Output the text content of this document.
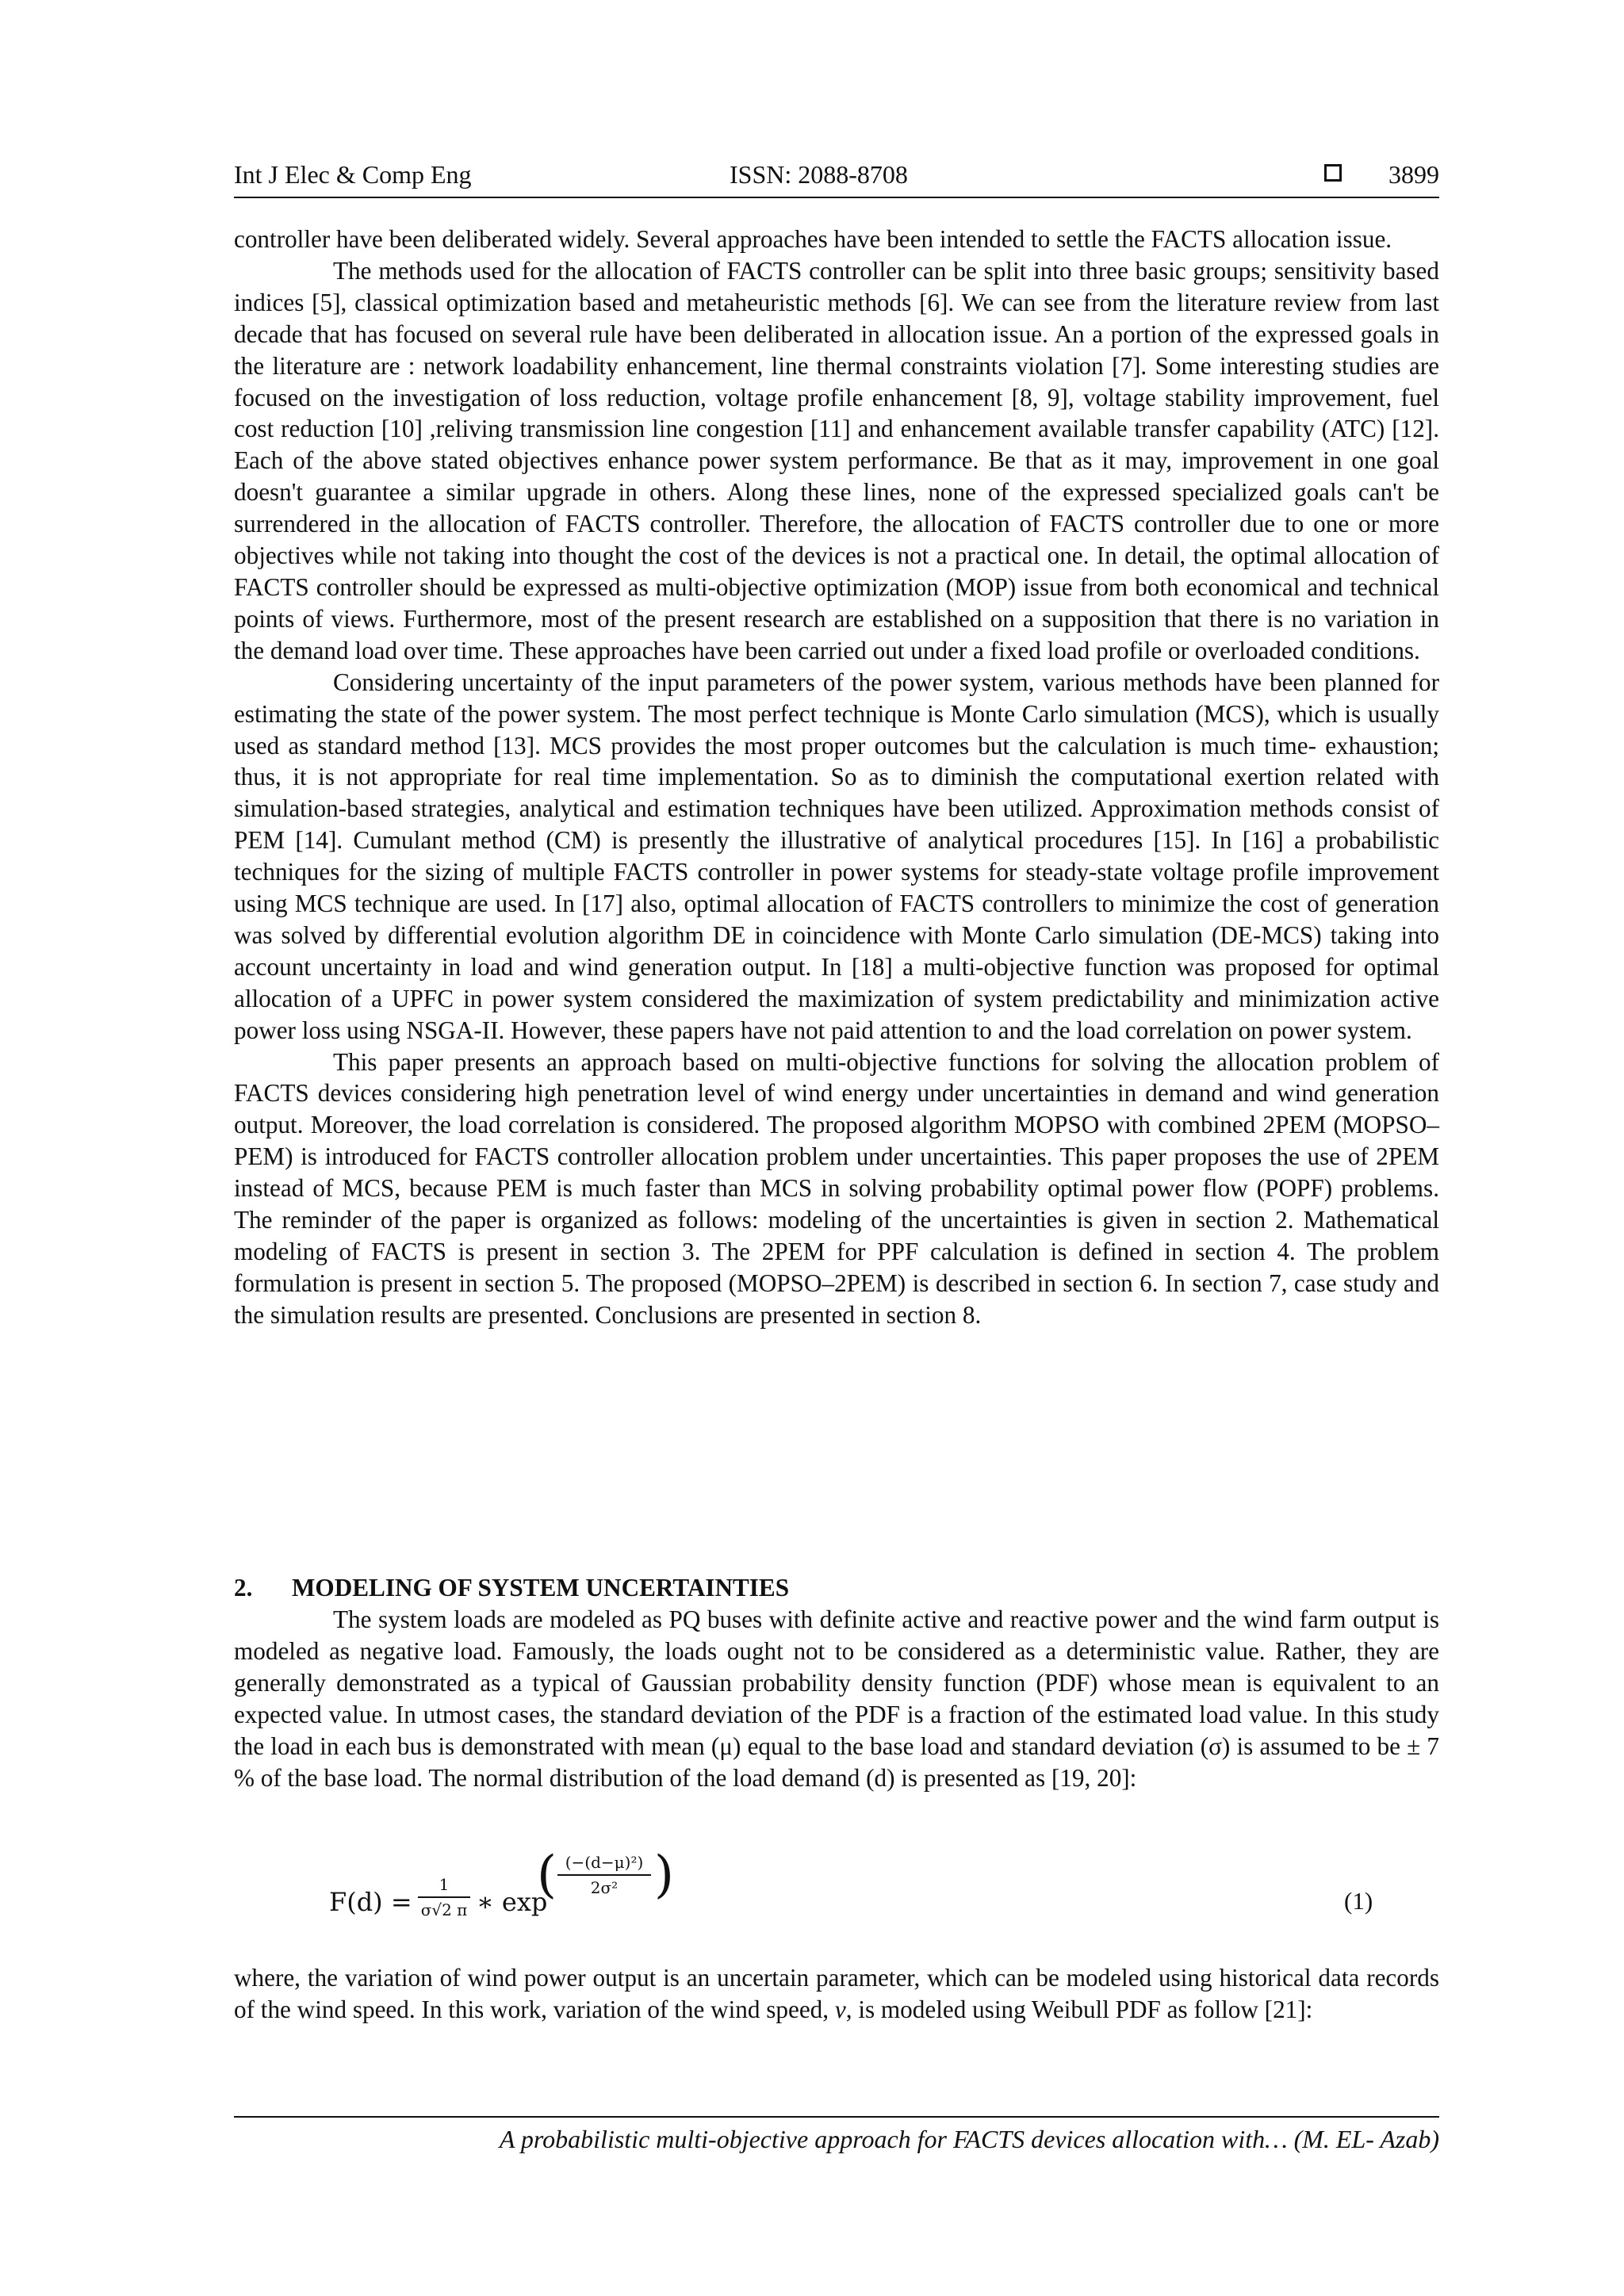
Int J Elec & Comp Eng	ISSN: 2088-8708	3899

controller have been deliberated widely. Several approaches have been intended to settle the FACTS allocation issue.

The methods used for the allocation of FACTS controller can be split into three basic groups; sensitivity based indices [5], classical optimization based and metaheuristic methods [6]. We can see from the literature review from last decade that has focused on several rule have been deliberated in allocation issue. An a portion of the expressed goals in the literature are : network loadability enhancement, line thermal constraints violation [7]. Some interesting studies are focused on the investigation of loss reduction, voltage profile enhancement [8, 9], voltage stability improvement, fuel cost reduction [10] ,reliving transmission line congestion [11] and enhancement available transfer capability (ATC) [12]. Each of the above stated objectives enhance power system performance. Be that as it may, improvement in one goal doesn't guarantee a similar upgrade in others. Along these lines, none of the expressed specialized goals can't be surrendered in the allocation of FACTS controller. Therefore, the allocation of FACTS controller due to one or more objectives while not taking into thought the cost of the devices is not a practical one. In detail, the optimal allocation of FACTS controller should be expressed as multi-objective optimization (MOP) issue from both economical and technical points of views. Furthermore, most of the present research are established on a supposition that there is no variation in the demand load over time. These approaches have been carried out under a fixed load profile or overloaded conditions.

Considering uncertainty of the input parameters of the power system, various methods have been planned for estimating the state of the power system. The most perfect technique is Monte Carlo simulation (MCS), which is usually used as standard method [13]. MCS provides the most proper outcomes but the calculation is much time- exhaustion; thus, it is not appropriate for real time implementation. So as to diminish the computational exertion related with simulation-based strategies, analytical and estimation techniques have been utilized. Approximation methods consist of PEM [14]. Cumulant method (CM) is presently the illustrative of analytical procedures [15]. In [16] a probabilistic techniques for the sizing of multiple FACTS controller in power systems for steady-state voltage profile improvement using MCS technique are used. In [17] also, optimal allocation of FACTS controllers to minimize the cost of generation was solved by differential evolution algorithm DE in coincidence with Monte Carlo simulation (DE-MCS) taking into account uncertainty in load and wind generation output. In [18] a multi-objective function was proposed for optimal allocation of a UPFC in power system considered the maximization of system predictability and minimization active power loss using NSGA-II. However, these papers have not paid attention to and the load correlation on power system.

This paper presents an approach based on multi-objective functions for solving the allocation problem of FACTS devices considering high penetration level of wind energy under uncertainties in demand and wind generation output. Moreover, the load correlation is considered. The proposed algorithm MOPSO with combined 2PEM (MOPSO–PEM) is introduced for FACTS controller allocation problem under uncertainties. This paper proposes the use of 2PEM instead of MCS, because PEM is much faster than MCS in solving probability optimal power flow (POPF) problems. The reminder of the paper is organized as follows: modeling of the uncertainties is given in section 2. Mathematical modeling of FACTS is present in section 3. The 2PEM for PPF calculation is defined in section 4. The problem formulation is present in section 5. The proposed (MOPSO–2PEM) is described in section 6. In section 7, case study and the simulation results are presented. Conclusions are presented in section 8.

2. MODELING OF SYSTEM UNCERTAINTIES

The system loads are modeled as PQ buses with definite active and reactive power and the wind farm output is modeled as negative load. Famously, the loads ought not to be considered as a deterministic value. Rather, they are generally demonstrated as a typical of Gaussian probability density function (PDF) whose mean is equivalent to an expected value. In utmost cases, the standard deviation of the PDF is a fraction of the estimated load value. In this study the load in each bus is demonstrated with mean (μ) equal to the base load and standard deviation (σ) is assumed to be ± 7 % of the base load. The normal distribution of the load demand (d) is presented as [19, 20]:

F(d) =
1
σ√2 π ∗ exp
( (−(d−μ)²)
2σ² )	(1)

where, the variation of wind power output is an uncertain parameter, which can be modeled using historical data records of the wind speed. In this work, variation of the wind speed, v, is modeled using Weibull PDF as follow [21]:

A probabilistic multi-objective approach for FACTS devices allocation with… (M. EL- Azab)
